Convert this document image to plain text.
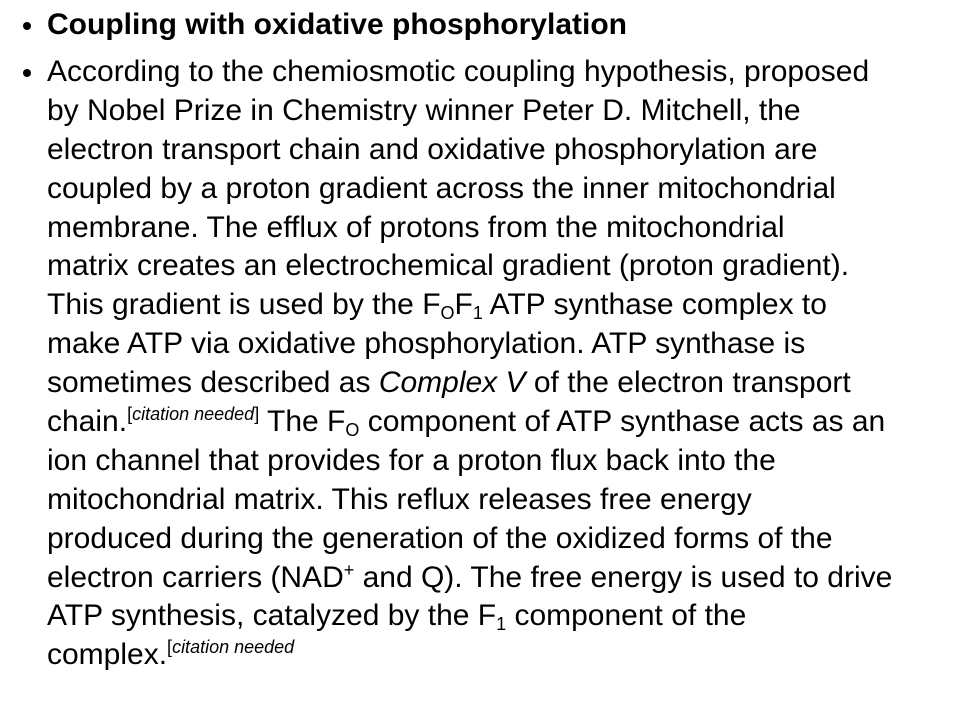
Coupling with oxidative phosphorylation
According to the chemiosmotic coupling hypothesis, proposed
by Nobel Prize in Chemistry winner Peter D. Mitchell, the
electron transport chain and oxidative phosphorylation are
coupled by a proton gradient across the inner mitochondrial
membrane. The efflux of protons from the mitochondrial
matrix creates an electrochemical gradient (proton gradient).
This gradient is used by the $F_OF_1$ ATP synthase complex to
make ATP via oxidative phosphorylation. ATP synthase is
sometimes described as Complex V of the electron transport
chain.[citation needed] The $F_O$ component of ATP synthase acts as an
ion channel that provides for a proton flux back into the
mitochondrial matrix. This reflux releases free energy
produced during the generation of the oxidized forms of the
electron carriers (NAD+ and Q). The free energy is used to drive
ATP synthesis, catalyzed by the $F_1$ component of the
complex.$^{[citation needed}$
